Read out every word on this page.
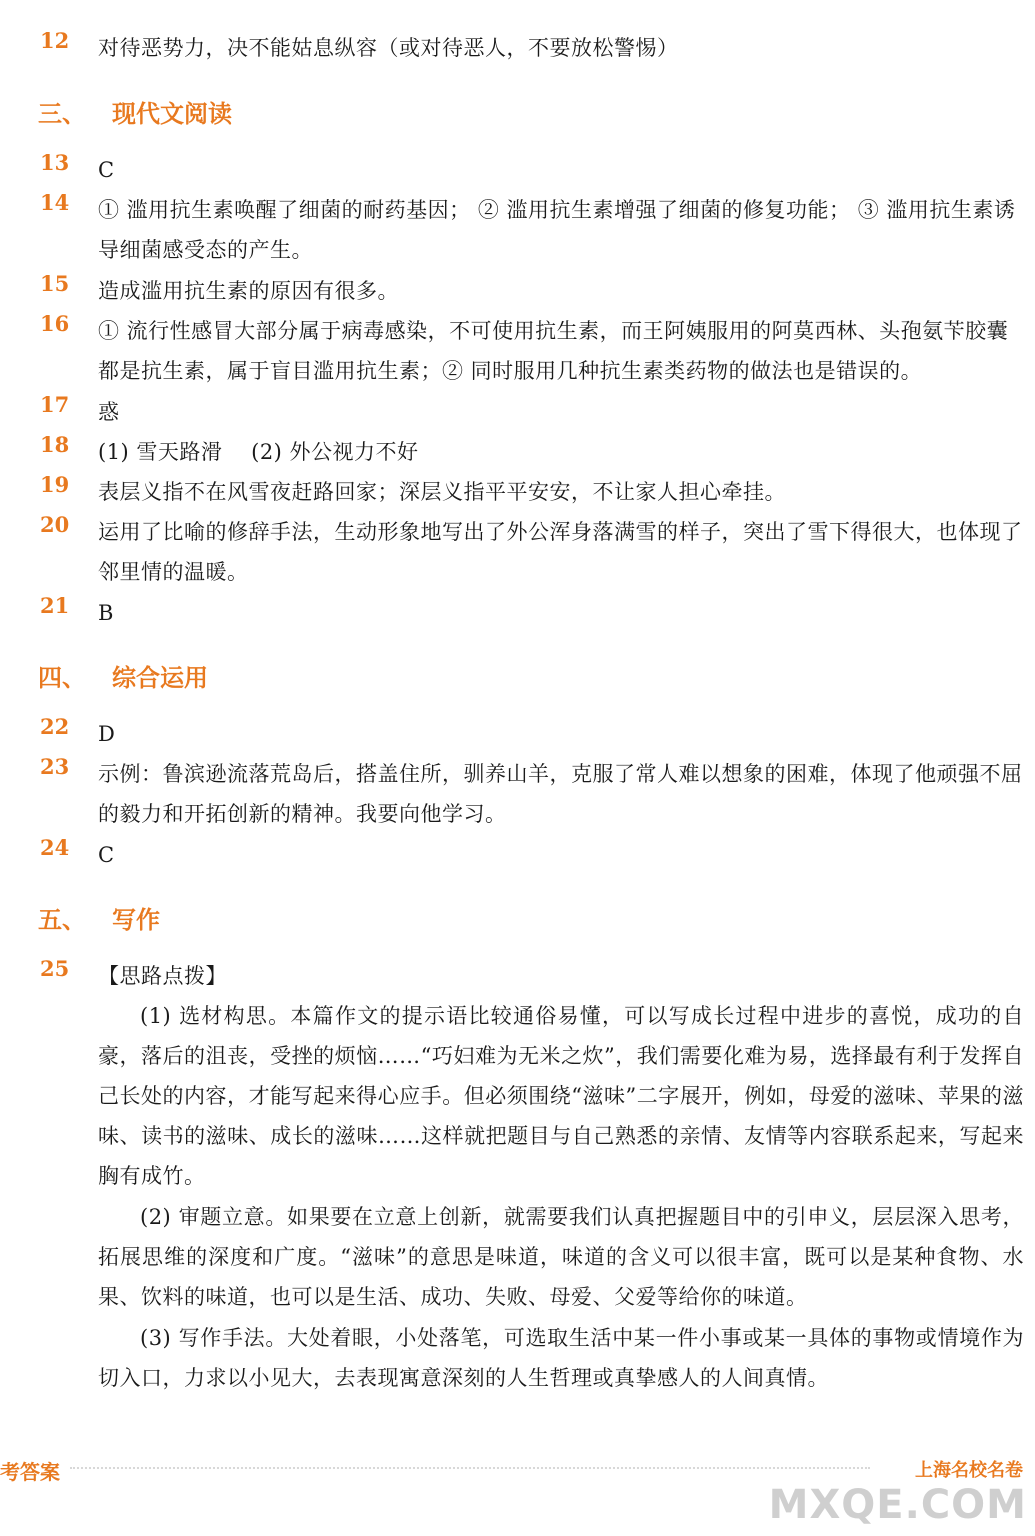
12	对待恶势力，决不能姑息纵容（或对待恶人，不要放松警惕）
三、 现代文阅读
13	C
14	① 滥用抗生素唤醒了细菌的耐药基因； ② 滥用抗生素增强了细菌的修复功能； ③ 滥用抗生素诱导细菌感受态的产生。
15	造成滥用抗生素的原因有很多。
16	① 流行性感冒大部分属于病毒感染，不可使用抗生素，而王阿姨服用的阿莫西林、头孢氨苄胶囊都是抗生素，属于盲目滥用抗生素；② 同时服用几种抗生素类药物的做法也是错误的。
17	惑
18	(1) 雪天路滑    (2) 外公视力不好
19	表层义指不在风雪夜赶路回家；深层义指平平安安，不让家人担心牵挂。
20	运用了比喻的修辞手法，生动形象地写出了外公浑身落满雪的样子，突出了雪下得很大，也体现了邻里情的温暖。
21	B
四、 综合运用
22	D
23	示例：鲁滨逊流落荒岛后，搭盖住所，驯养山羊，克服了常人难以想象的困难，体现了他顽强不屈的毅力和开拓创新的精神。我要向他学习。
24	C
五、 写作
25	【思路点拨】

(1) 选材构思。本篇作文的提示语比较通俗易懂，可以写成长过程中进步的喜悦，成功的自豪，落后的沮丧，受挫的烦恼……“巧妇难为无米之炊”，我们需要化难为易，选择最有利于发挥自己长处的内容，才能写起来得心应手。但必须围绕“滋味”二字展开，例如，母爱的滋味、苹果的滋味、读书的滋味、成长的滋味……这样就把题目与自己熟悉的亲情、友情等内容联系起来，写起来胸有成竹。

(2) 审题立意。如果要在立意上创新，就需要我们认真把握题目中的引申义，层层深入思考，拓展思维的深度和广度。“滋味”的意思是味道，味道的含义可以很丰富，既可以是某种食物、水果、饮料的味道，也可以是生活、成功、失败、母爱、父爱等给你的味道。

(3) 写作手法。大处着眼，小处落笔，可选取生活中某一件小事或某一具体的事物或情境作为切入口，力求以小见大，去表现寓意深刻的人生哲理或真挚感人的人间真情。

考答案	上海名校名卷
MXQE.COM
